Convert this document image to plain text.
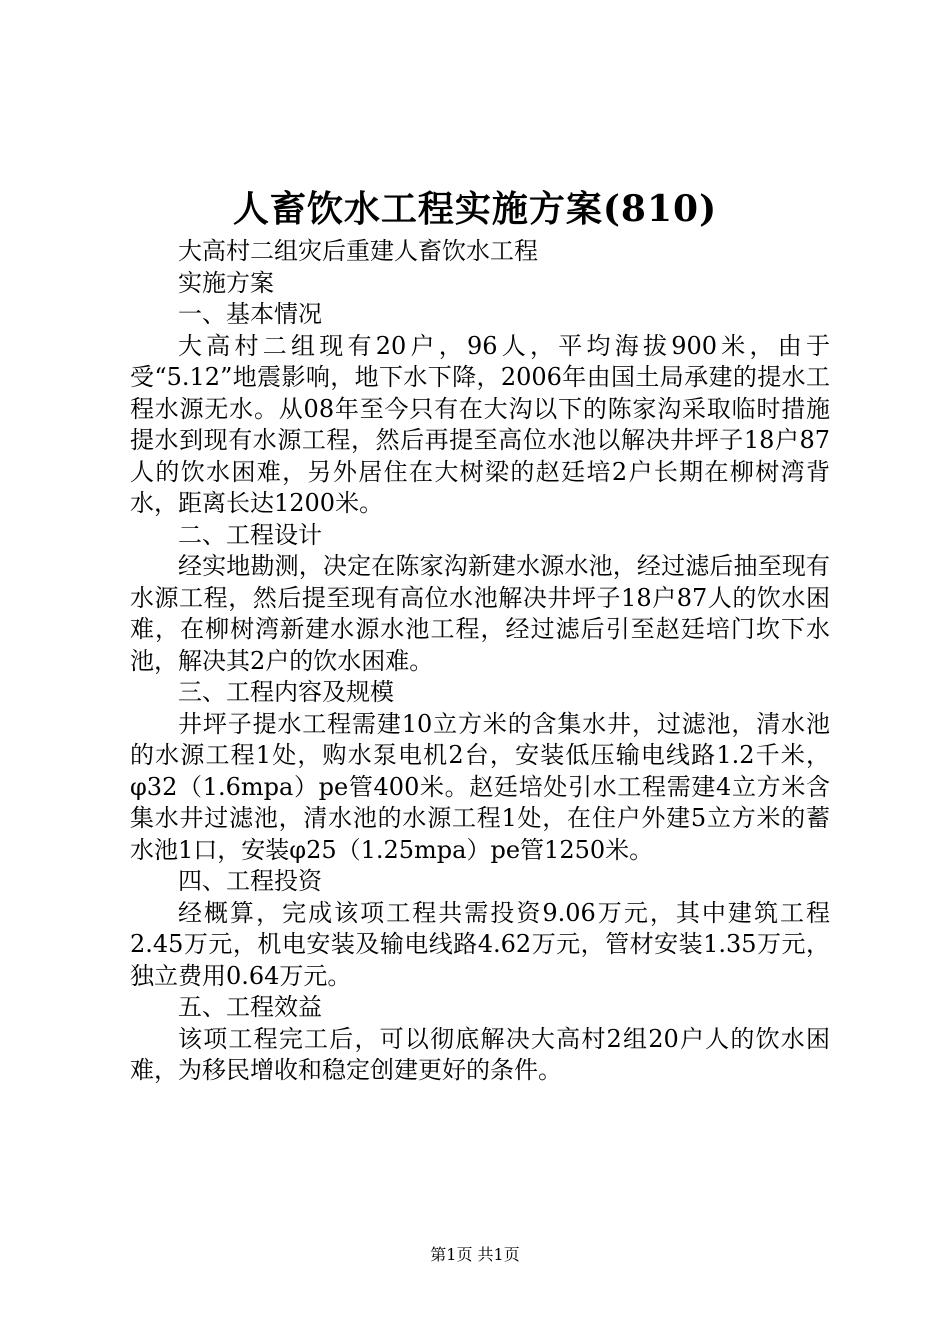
人畜饮水工程实施方案(810)

大高村二组灾后重建人畜饮水工程

实施方案

一、基本情况

大高村二组现有20户，96人，平均海拔900米，由于受“5.12”地震影响，地下水下降，2006年由国土局承建的提水工程水源无水。从08年至今只有在大沟以下的陈家沟采取临时措施提水到现有水源工程，然后再提至高位水池以解决井坪子18户87人的饮水困难，另外居住在大树梁的赵廷培2户长期在柳树湾背水，距离长达1200米。

二、工程设计

经实地勘测，决定在陈家沟新建水源水池，经过滤后抽至现有水源工程，然后提至现有高位水池解决井坪子18户87人的饮水困难，在柳树湾新建水源水池工程，经过滤后引至赵廷培门坎下水池，解决其2户的饮水困难。

三、工程内容及规模

井坪子提水工程需建10立方米的含集水井，过滤池，清水池的水源工程1处，购水泵电机2台，安装低压输电线路1.2千米，φ32（1.6mpa）pe管400米。赵廷培处引水工程需建4立方米含集水井过滤池，清水池的水源工程1处，在住户外建5立方米的蓄水池1口，安装φ25（1.25mpa）pe管1250米。

四、工程投资

经概算，完成该项工程共需投资9.06万元，其中建筑工程2.45万元，机电安装及输电线路4.62万元，管材安装1.35万元，独立费用0.64万元。

五、工程效益

该项工程完工后，可以彻底解决大高村2组20户人的饮水困难，为移民增收和稳定创建更好的条件。

第1页 共1页
